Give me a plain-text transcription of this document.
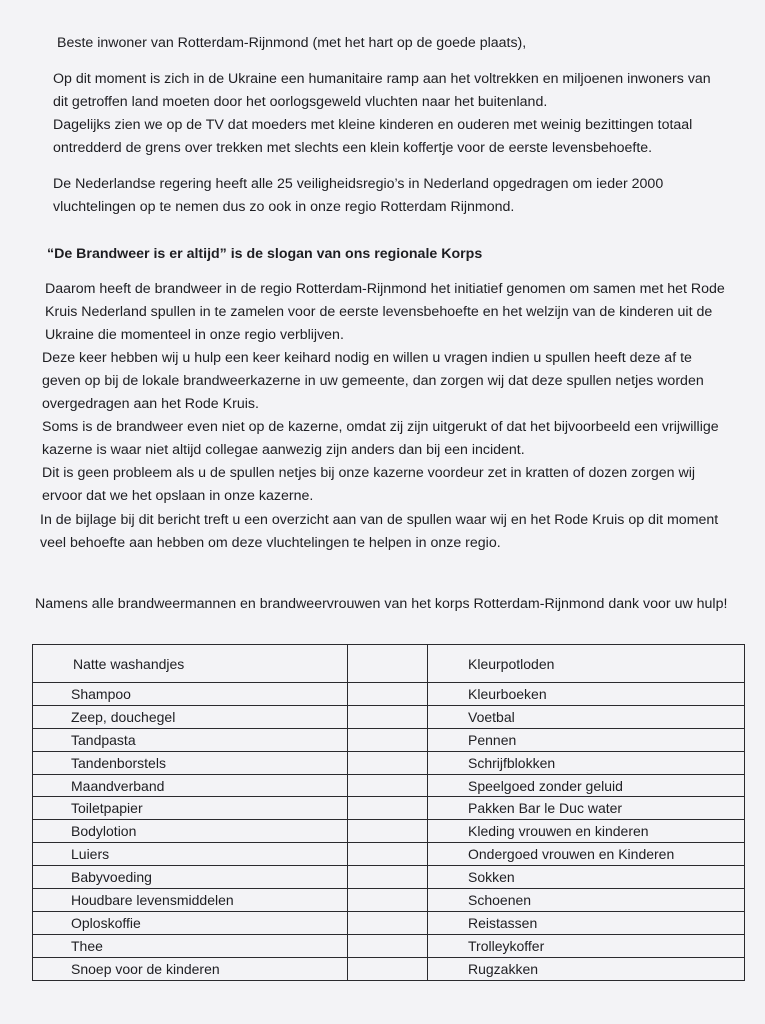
Beste inwoner van Rotterdam-Rijnmond (met het hart op de goede plaats),

Op dit moment is zich in de Ukraine een humanitaire ramp aan het voltrekken en miljoenen inwoners van dit getroffen land moeten door het oorlogsgeweld vluchten naar het buitenland.
Dagelijks zien we op de TV dat moeders met kleine kinderen en ouderen met weinig bezittingen totaal ontredderd de grens over trekken met slechts een klein koffertje voor de eerste levensbehoefte.

De Nederlandse regering heeft alle 25 veiligheidsregio’s in Nederland opgedragen om ieder 2000 vluchtelingen op te nemen dus zo ook in onze regio Rotterdam Rijnmond.

“De Brandweer is er altijd” is de slogan van ons regionale Korps

Daarom heeft de brandweer in de regio Rotterdam-Rijnmond het initiatief genomen om samen met het Rode Kruis Nederland spullen in te zamelen voor de eerste levensbehoefte en het welzijn van de kinderen uit de Ukraine die momenteel in onze regio verblijven.

Deze keer hebben wij u hulp een keer keihard nodig en willen u vragen indien u spullen heeft deze af te geven op bij de lokale brandweerkazerne in uw gemeente, dan zorgen wij dat deze spullen netjes worden overgedragen aan het Rode Kruis.
Soms is de brandweer even niet op de kazerne, omdat zij zijn uitgerukt of dat het bijvoorbeeld een vrijwillige kazerne is waar niet altijd collegae aanwezig zijn anders dan bij een incident.
Dit is geen probleem als u de spullen netjes bij onze kazerne voordeur zet in kratten of dozen zorgen wij ervoor dat we het opslaan in onze kazerne.

In de bijlage bij dit bericht treft u een overzicht aan van de spullen waar wij en het Rode Kruis op dit moment veel behoefte aan hebben om deze vluchtelingen te helpen in onze regio.

Namens alle brandweermannen en brandweervrouwen van het korps Rotterdam-Rijnmond dank voor uw hulp!

Natte washandjes		Kleurpotloden
Shampoo		Kleurboeken
Zeep, douchegel		Voetbal
Tandpasta		Pennen
Tandenborstels		Schrijfblokken
Maandverband		Speelgoed zonder geluid
Toiletpapier		Pakken Bar le Duc water
Bodylotion		Kleding vrouwen en kinderen
Luiers		Ondergoed vrouwen en Kinderen
Babyvoeding		Sokken
Houdbare levensmiddelen		Schoenen
Oploskoffie		Reistassen
Thee		Trolleykoffer
Snoep voor de kinderen		Rugzakken
